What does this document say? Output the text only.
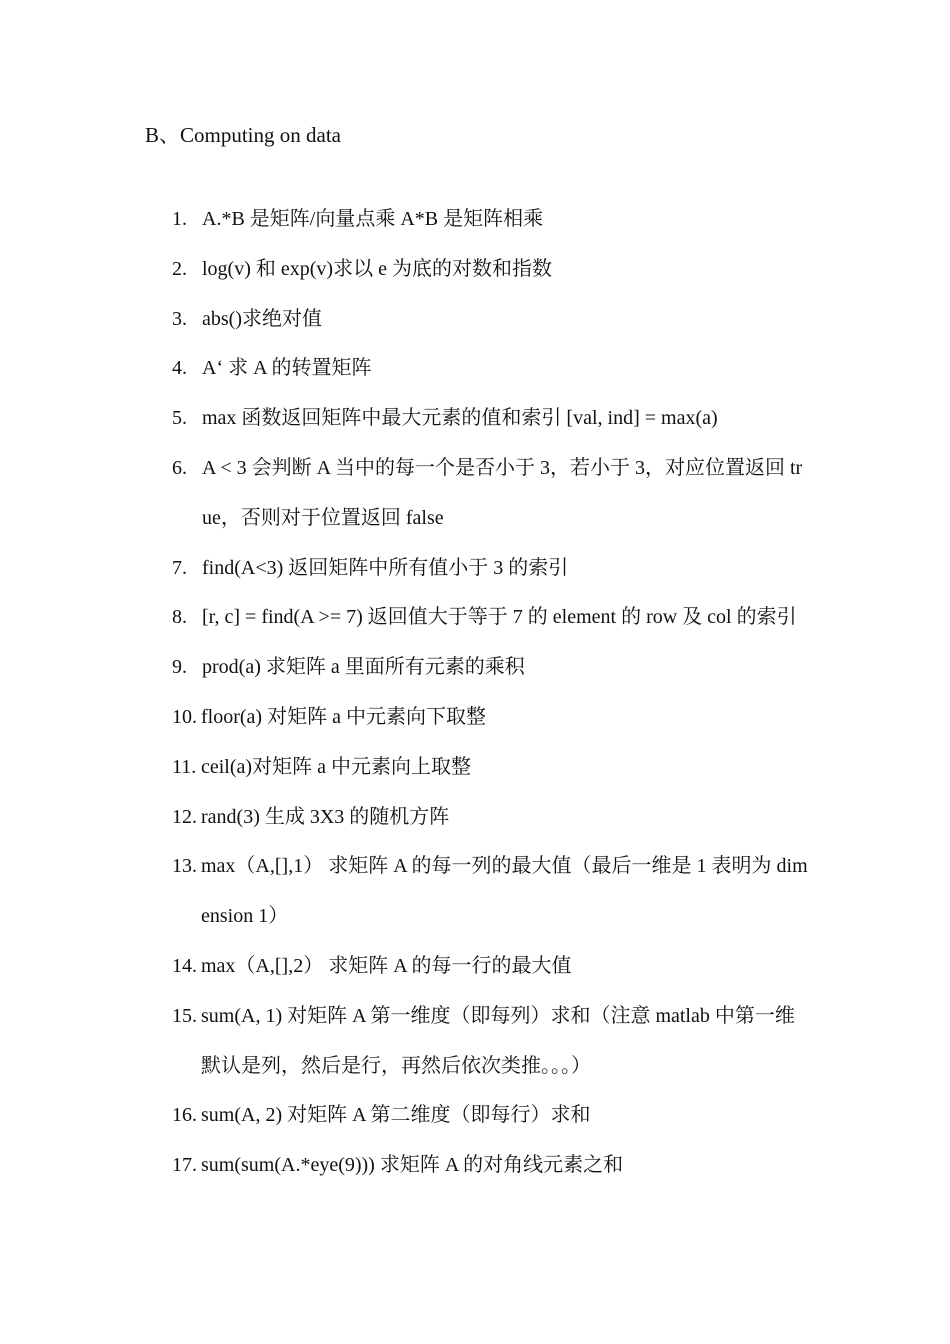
B、Computing on data
1. A.*B 是矩阵/向量点乘 A*B 是矩阵相乘
2. log(v) 和 exp(v)求以 e 为底的对数和指数
3. abs()求绝对值
4. A‘ 求 A 的转置矩阵
5. max 函数返回矩阵中最大元素的值和索引 [val, ind] = max(a)
6. A < 3 会判断 A 当中的每一个是否小于 3，若小于 3，对应位置返回 true，否则对于位置返回 false
7. find(A<3) 返回矩阵中所有值小于 3 的索引
8. [r, c] = find(A >= 7) 返回值大于等于 7 的 element 的 row 及 col 的索引
9. prod(a) 求矩阵 a 里面所有元素的乘积
10. floor(a) 对矩阵 a 中元素向下取整
11. ceil(a)对矩阵 a 中元素向上取整
12. rand(3) 生成 3X3 的随机方阵
13. max（A,[],1） 求矩阵 A 的每一列的最大值（最后一维是 1 表明为 dimension 1）
14. max（A,[],2） 求矩阵 A 的每一行的最大值
15. sum(A, 1) 对矩阵 A 第一维度（即每列）求和（注意 matlab 中第一维默认是列，然后是行，再然后依次类推。。。）
16. sum(A, 2) 对矩阵 A 第二维度（即每行）求和
17. sum(sum(A.*eye(9))) 求矩阵 A 的对角线元素之和
